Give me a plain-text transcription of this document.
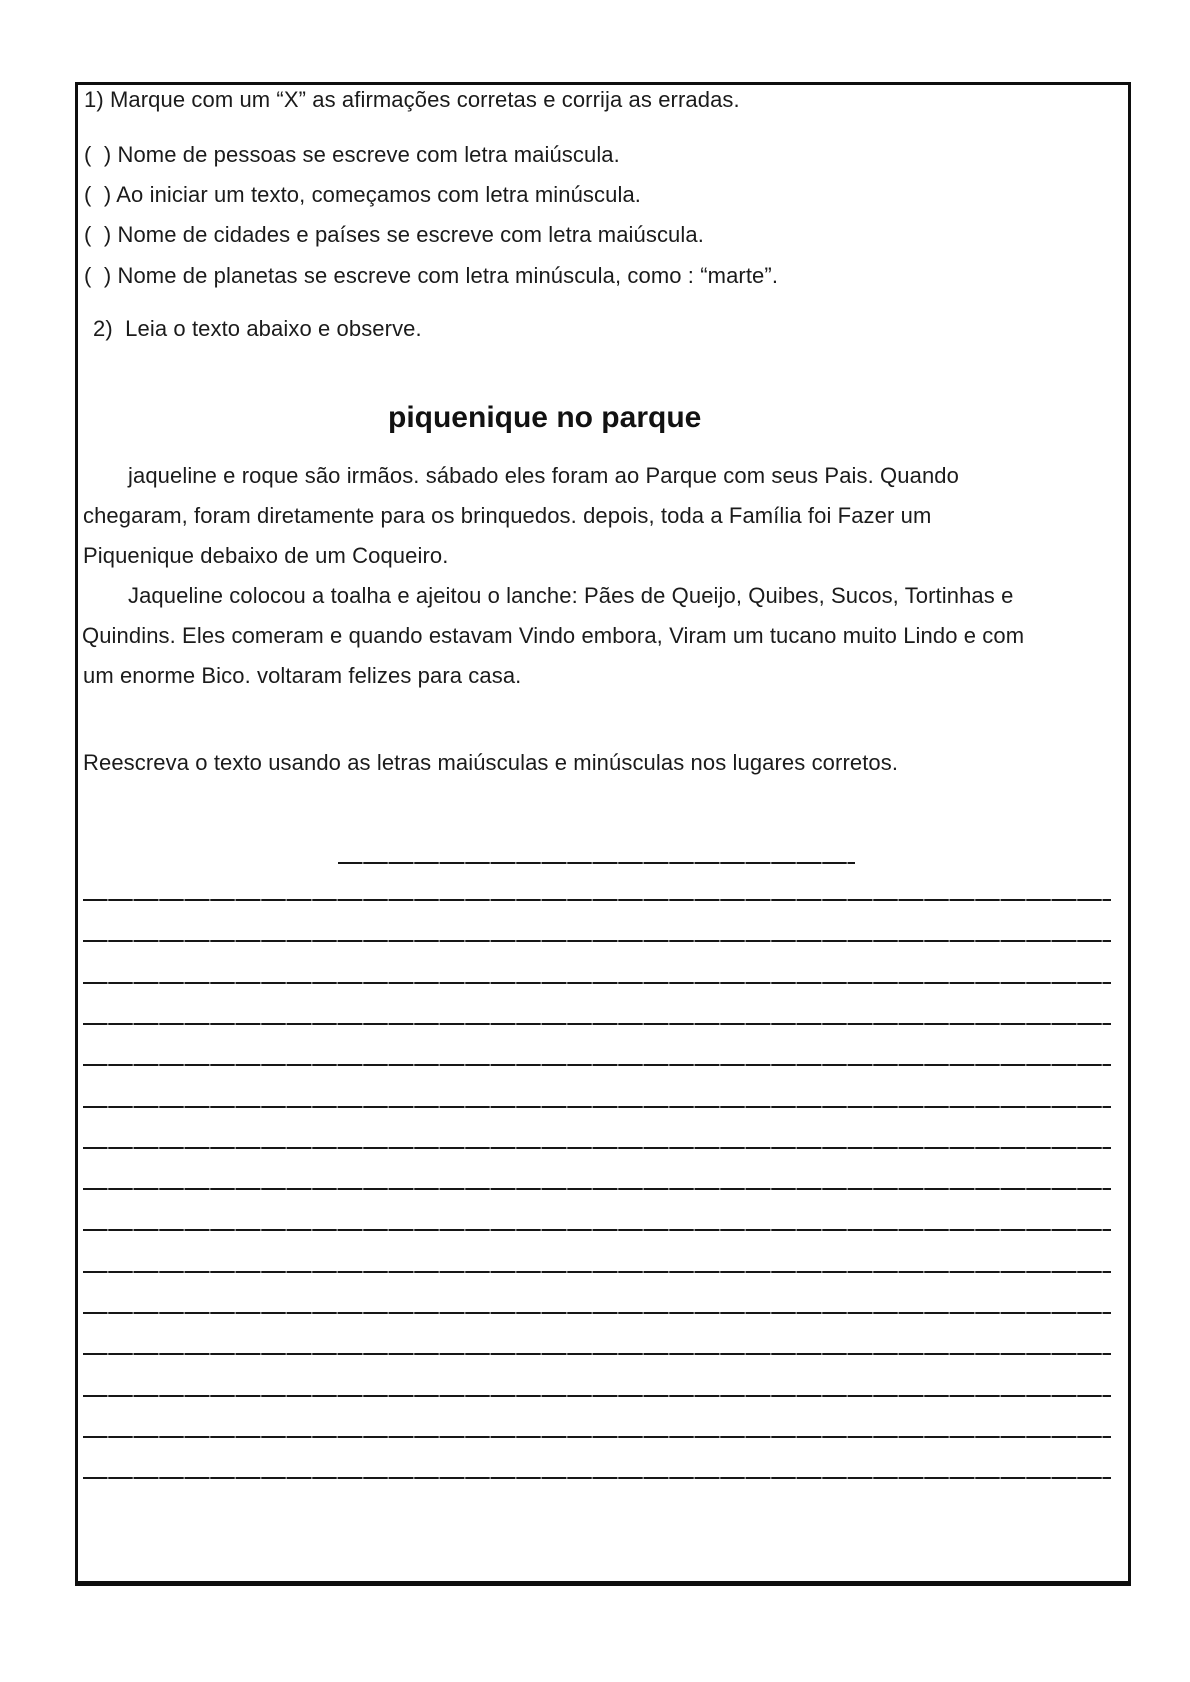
1) Marque com um “X” as afirmações corretas e corrija as erradas.
(  ) Nome de pessoas se escreve com letra maiúscula.
(  ) Ao iniciar um texto, começamos com letra minúscula.
(  ) Nome de cidades e países se escreve com letra maiúscula.
(  ) Nome de planetas se escreve com letra minúscula, como : “marte”.
2)  Leia o texto abaixo e observe.
piquenique no parque
jaqueline e roque são irmãos. sábado eles foram ao Parque com seus Pais. Quando
chegaram, foram diretamente para os brinquedos. depois, toda a Família foi Fazer um
Piquenique debaixo de um Coqueiro.
Jaqueline colocou a toalha e ajeitou o lanche: Pães de Queijo, Quibes, Sucos, Tortinhas e
Quindins. Eles comeram e quando estavam Vindo embora, Viram um tucano muito Lindo e com
um enorme Bico. voltaram felizes para casa.
Reescreva o texto usando as letras maiúsculas e minúsculas nos lugares corretos.
